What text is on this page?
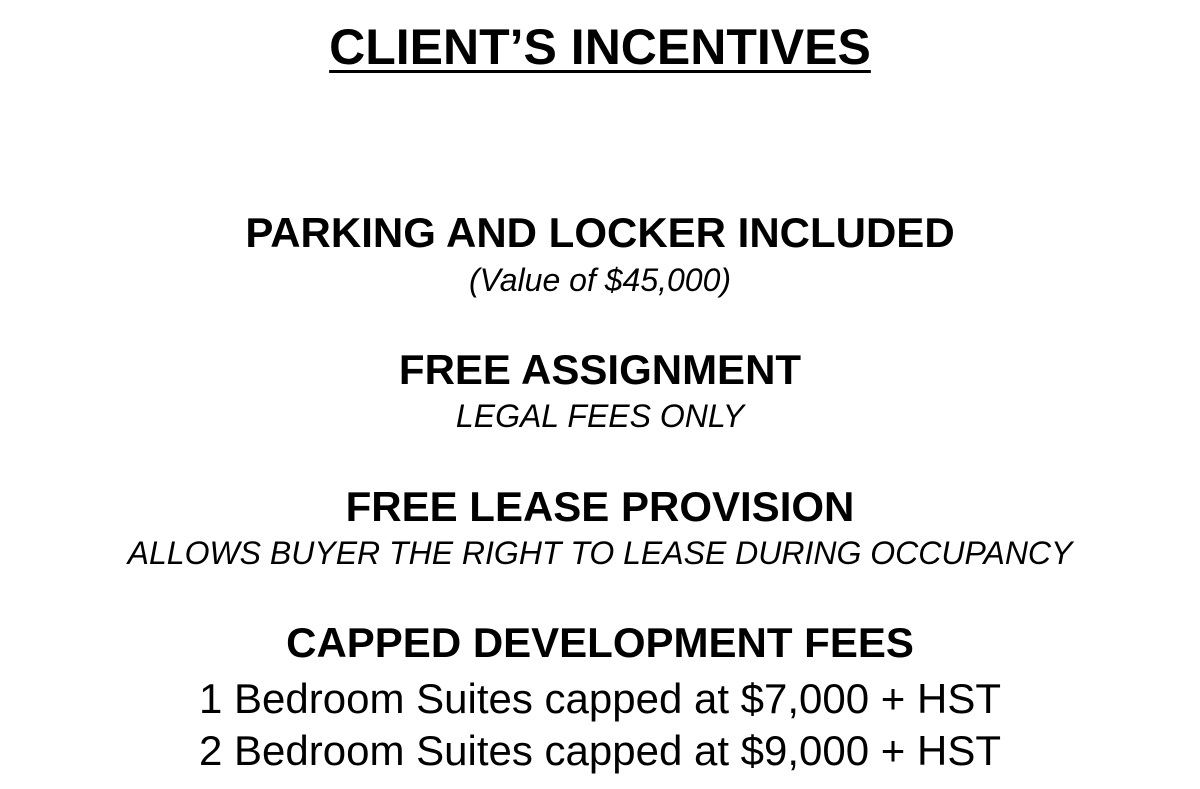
CLIENT’S INCENTIVES
PARKING AND LOCKER INCLUDED
(Value of $45,000)
FREE ASSIGNMENT
LEGAL FEES ONLY
FREE LEASE PROVISION
ALLOWS BUYER THE RIGHT TO LEASE DURING OCCUPANCY
CAPPED DEVELOPMENT FEES
1 Bedroom Suites capped at $7,000 + HST
2 Bedroom Suites capped at $9,000 + HST
